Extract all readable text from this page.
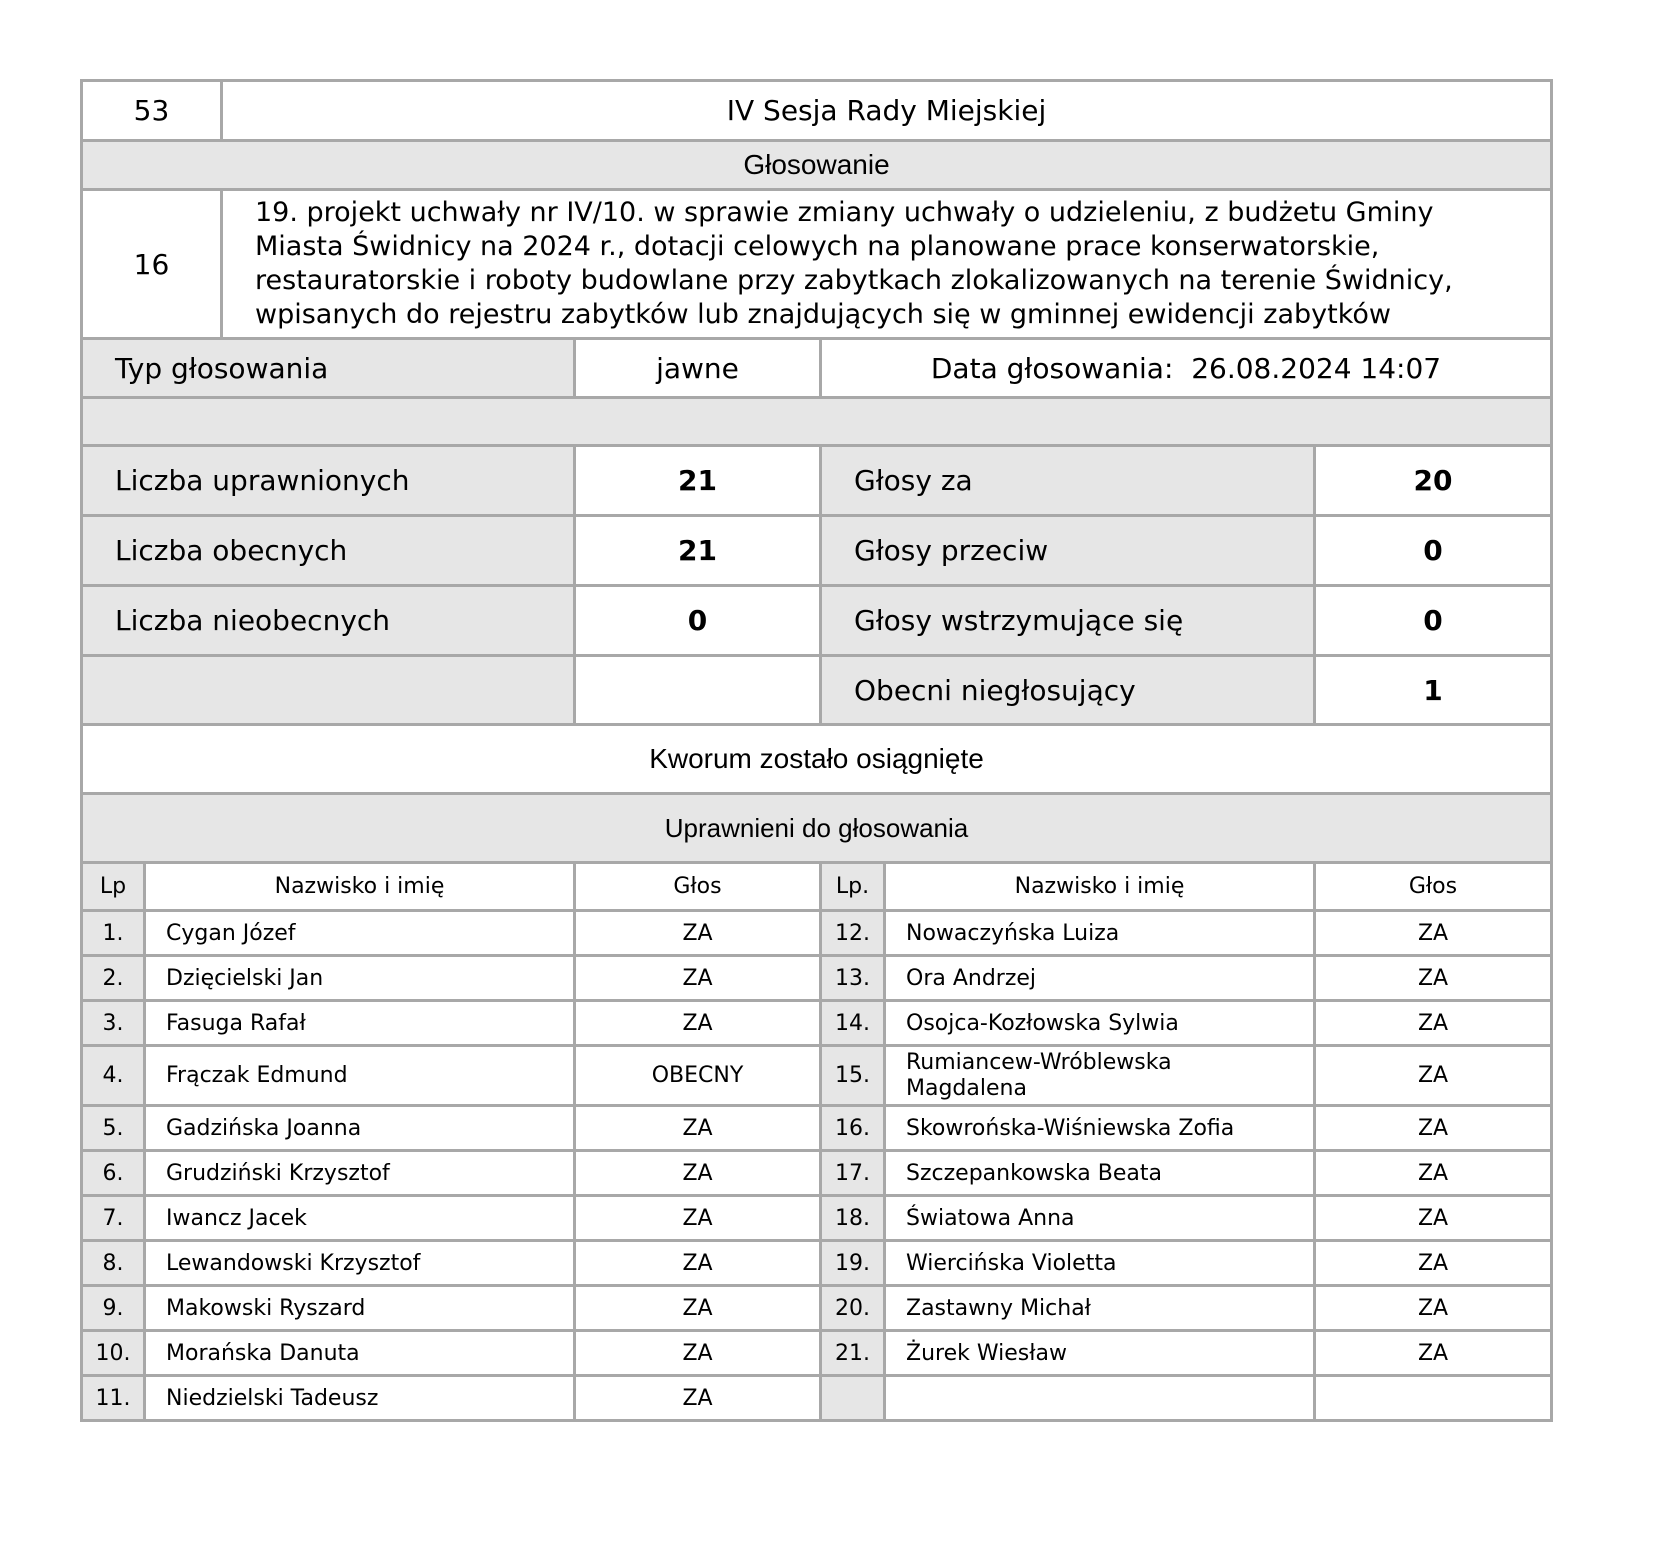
53	IV Sesja Rady Miejskiej
Głosowanie	
16	19. projekt uchwały nr IV/10. w sprawie zmiany uchwały o udzieleniu, z budżetu Gminy Miasta Świdnicy na 2024 r., dotacji celowych na planowane prace konserwatorskie, restauratorskie i roboty budowlane przy zabytkach zlokalizowanych na terenie Świdnicy, wpisanych do rejestru zabytków lub znajdujących się w gminnej ewidencji zabytków
Typ głosowania	jawne	Data głosowania: 26.08.2024 14:07

Liczba uprawnionych	21	Głosy za	20
Liczba obecnych	21	Głosy przeciw	0
Liczba nieobecnych	0	Głosy wstrzymujące się	0
		Obecni niegłosujący	1
Kworum zostało osiągnięte			
Uprawnieni do głosowania			
Lp	Nazwisko i imię	Głos	Lp.	Nazwisko i imię	Głos
1.	Cygan Józef	ZA	12.	Nowaczyńska Luiza	ZA
2.	Dzięcielski Jan	ZA	13.	Ora Andrzej	ZA
3.	Fasuga Rafał	ZA	14.	Osojca-Kozłowska Sylwia	ZA
4.	Frączak Edmund	OBECNY	15.	Rumiancew-Wróblewska Magdalena	ZA
5.	Gadzińska Joanna	ZA	16.	Skowrońska-Wiśniewska Zofia	ZA
6.	Grudziński Krzysztof	ZA	17.	Szczepankowska Beata	ZA
7.	Iwancz Jacek	ZA	18.	Światowa Anna	ZA
8.	Lewandowski Krzysztof	ZA	19.	Wiercińska Violetta	ZA
9.	Makowski Ryszard	ZA	20.	Zastawny Michał	ZA
10.	Morańska Danuta	ZA	21.	Żurek Wiesław	ZA
11.	Niedzielski Tadeusz	ZA			
